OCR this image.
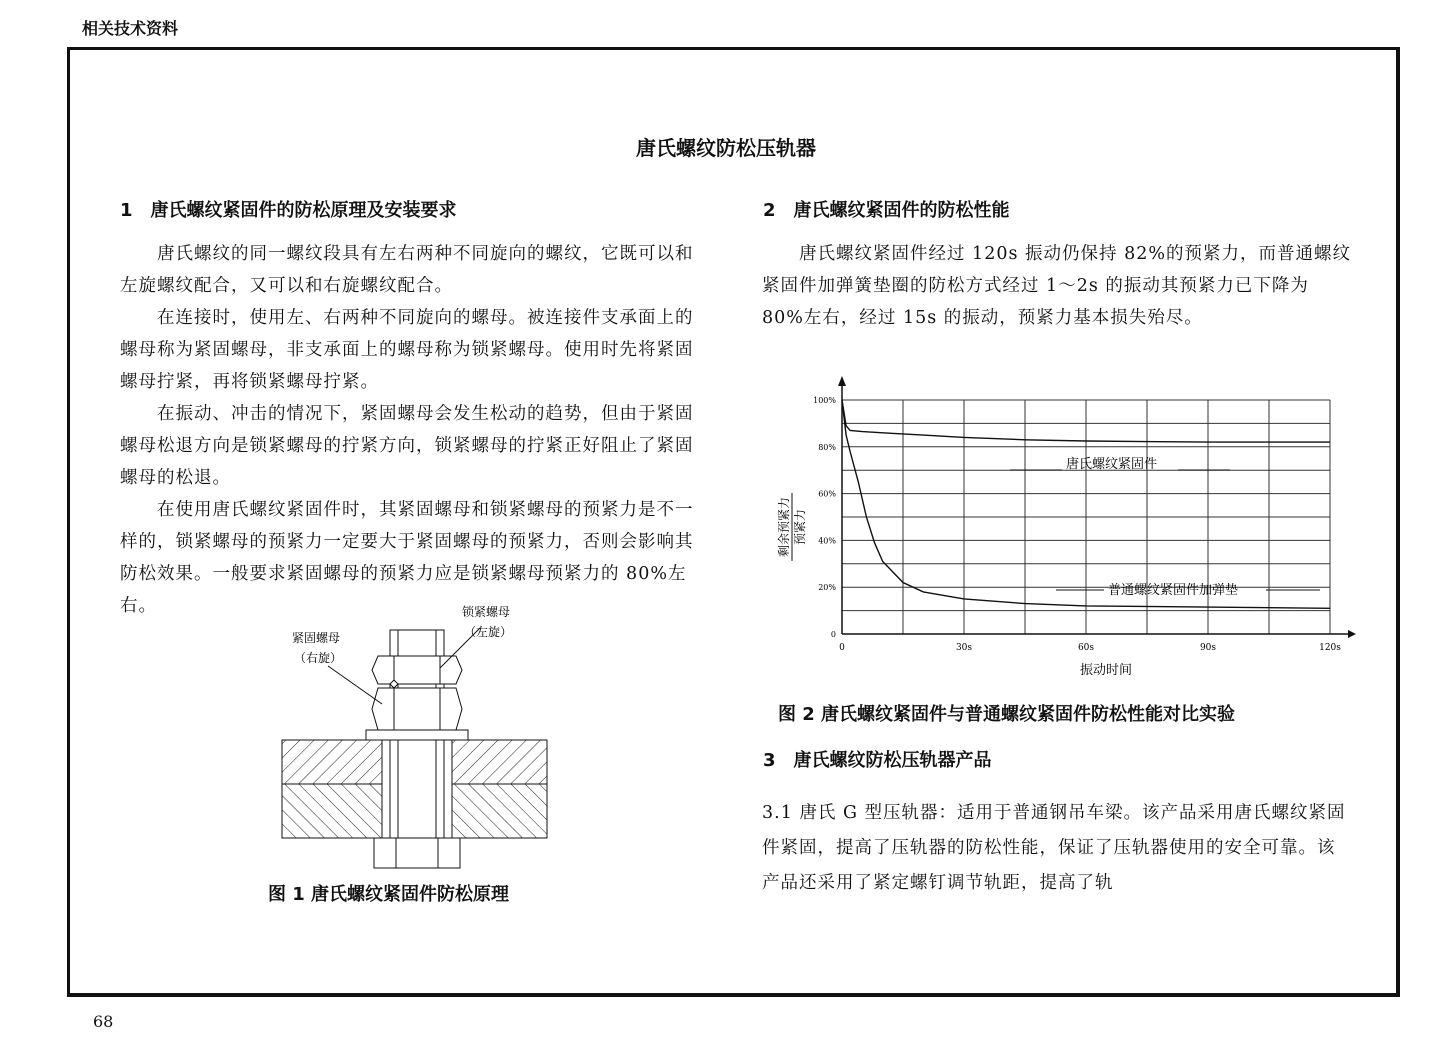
相关技术资料
唐氏螺纹防松压轨器
1　唐氏螺纹紧固件的防松原理及安装要求

　　唐氏螺纹的同一螺纹段具有左右两种不同旋向的螺纹，它既可以和左旋螺纹配合，又可以和右旋螺纹配合。

　　在连接时，使用左、右两种不同旋向的螺母。被连接件支承面上的螺母称为紧固螺母，非支承面上的螺母称为锁紧螺母。使用时先将紧固螺母拧紧，再将锁紧螺母拧紧。

　　在振动、冲击的情况下，紧固螺母会发生松动的趋势，但由于紧固螺母松退方向是锁紧螺母的拧紧方向，锁紧螺母的拧紧正好阻止了紧固螺母的松退。

　　在使用唐氏螺纹紧固件时，其紧固螺母和锁紧螺母的预紧力是不一样的，锁紧螺母的预紧力一定要大于紧固螺母的预紧力，否则会影响其防松效果。一般要求紧固螺母的预紧力应是锁紧螺母预紧力的 80%左右。

紧固螺母
（右旋）
锁紧螺母
（左旋）
图 1 唐氏螺纹紧固件防松原理
2　唐氏螺纹紧固件的防松性能

　　唐氏螺纹紧固件经过 120s 振动仍保持 82%的预紧力，而普通螺纹紧固件加弹簧垫圈的防松方式经过 1～2s 的振动其预紧力已下降为 80%左右，经过 15s 的振动，预紧力基本损失殆尽。

0	30s	60s	90s	120s
0
20%
40%
60%
80%
100%
唐氏螺纹紧固件
普通螺纹紧固件加弹垫
振动时间
剩余预紧力 预紧力
图 2 唐氏螺纹紧固件与普通螺纹紧固件防松性能对比实验
3　唐氏螺纹防松压轨器产品

3.1 唐氏 G 型压轨器：适用于普通钢吊车梁。该产品采用唐氏螺纹紧固件紧固，提高了压轨器的防松性能，保证了压轨器使用的安全可靠。该产品还采用了紧定螺钉调节轨距，提高了轨

68
